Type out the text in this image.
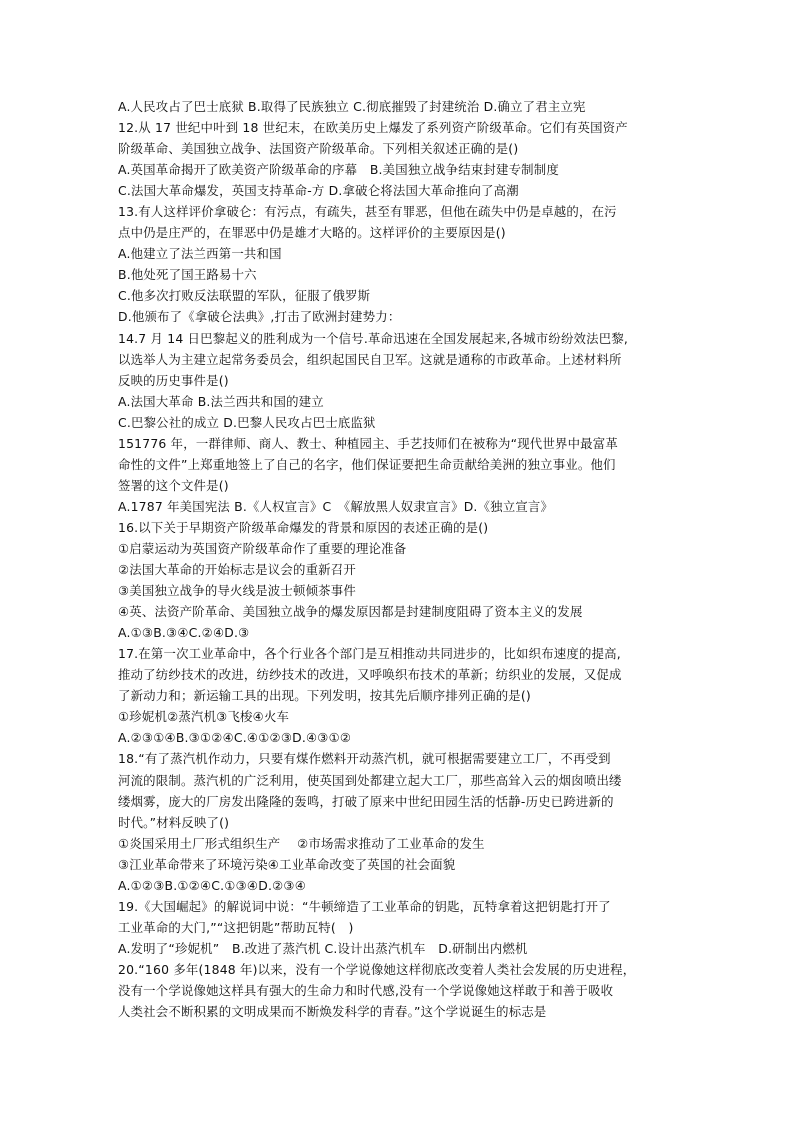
A.人民攻占了巴士底狱 B.取得了民族独立 C.彻底摧毁了封建统治 D.确立了君主立宪
12.从 17 世纪中叶到 18 世纪末，在欧美历史上爆发了系列资产阶级革命。它们有英国资产
阶级革命、美国独立战争、法国资产阶级革命。下列相关叙述正确的是()
A.英国革命揭开了欧美资产阶级革命的序幕　B.美国独立战争结束封建专制制度
C.法国大革命爆发，英国支持革命-方 D.拿破仑将法国大革命推向了高潮
13.有人这样评价拿破仑：有污点，有疏失，甚至有罪恶，但他在疏失中仍是卓越的，在污
点中仍是庄严的，在罪恶中仍是雄才大略的。这样评价的主要原因是()
A.他建立了法兰西第一共和国
B.他处死了国王路易十六
C.他多次打败反法联盟的军队，征服了俄罗斯
D.他颁布了《拿破仑法典》,打击了欧洲封建势力：
14.7 月 14 日巴黎起义的胜利成为一个信号.革命迅速在全国发展起来,各城市纷纷效法巴黎,
以选举人为主建立起常务委员会，组织起国民自卫军。这就是通称的市政革命。上述材料所
反映的历史事件是()
A.法国大革命 B.法兰西共和国的建立
C.巴黎公社的成立 D.巴黎人民攻占巴士底监狱
151776 年，一群律师、商人、教士、种植园主、手艺技师们在被称为“现代世界中最富革
命性的文件”上郑重地签上了自己的名字，他们保证要把生命贡献给美洲的独立事业。他们
签署的这个文件是()
A.1787 年美国宪法 B.《人权宣言》C　《解放黑人奴隶宣言》D.《独立宣言》
16.以下关于早期资产阶级革命爆发的背景和原因的表述正确的是()
①启蒙运动为英国资产阶级革命作了重要的理论准备
②法国大革命的开始标志是议会的重新召开
③美国独立战争的导火线是波士顿倾茶事件
④英、法资产阶革命、美国独立战争的爆发原因都是封建制度阻碍了资本主义的发展
A.①③B.③④C.②④D.③
17.在第一次工业革命中，各个行业各个部门是互相推动共同进步的，比如织布速度的提高,
推动了纺纱技术的改进，纺纱技术的改进，又呼唤织布技术的革新；纺织业的发展，又促成
了新动力和；新运输工具的出现。下列发明，按其先后顺序排列正确的是()
①珍妮机②蒸汽机③飞梭④火车
A.②③①④B.③①②④C.④①②③D.④③①②
18.“有了蒸汽机作动力，只要有煤作燃料开动蒸汽机，就可根据需要建立工厂，不再受到
河流的限制。蒸汽机的广泛利用，使英国到处都建立起大工厂，那些高耸入云的烟囱喷出缕
缕烟雾，庞大的厂房发出隆隆的轰鸣，打破了原来中世纪田园生活的恬静-历史已跨进新的
时代。”材料反映了()
①炎国采用土厂形式组织生产　 ②市场需求推动了工业革命的发生
③江业革命带来了环境污染④工业革命改变了英国的社会面貌
A.①②③B.①②④C.①③④D.②③④
19.《大国崛起》的解说词中说：“牛顿缔造了工业革命的钥匙，瓦特拿着这把钥匙打开了
工业革命的大门,”“这把钥匙”帮助瓦特(　)
A.发明了“珍妮机”　B.改进了蒸汽机 C.设计出蒸汽机车　D.研制出内燃机
20.“160 多年(1848 年)以来，没有一个学说像她这样彻底改变着人类社会发展的历史进程，
没有一个学说像她这样具有强大的生命力和时代感,没有一个学说像她这样敢于和善于吸收
人类社会不断积累的文明成果而不断焕发科学的青春。”这个学说诞生的标志是
